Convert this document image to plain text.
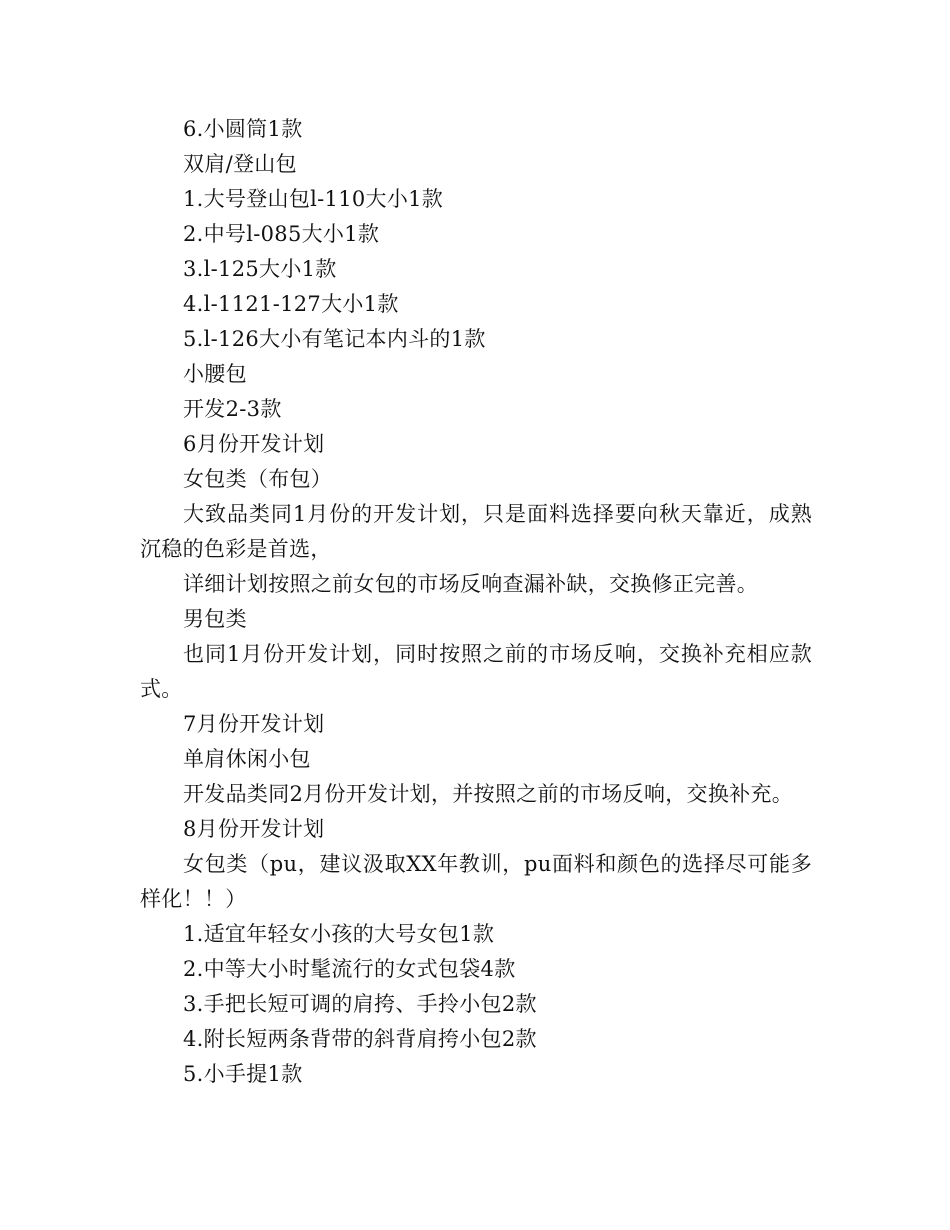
6.小圆筒1款

双肩/登山包

1.大号登山包l-110大小1款

2.中号l-085大小1款

3.l-125大小1款

4.l-1121-127大小1款

5.l-126大小有笔记本内斗的1款

小腰包

开发2-3款

6月份开发计划

女包类（布包）

大致品类同1月份的开发计划，只是面料选择要向秋天靠近，成熟沉稳的色彩是首选，

详细计划按照之前女包的市场反响查漏补缺，交换修正完善。

男包类

也同1月份开发计划，同时按照之前的市场反响，交换补充相应款式。

7月份开发计划

单肩休闲小包

开发品类同2月份开发计划，并按照之前的市场反响，交换补充。

8月份开发计划

女包类（pu，建议汲取XX年教训，pu面料和颜色的选择尽可能多样化！！）

1.适宜年轻女小孩的大号女包1款

2.中等大小时髦流行的女式包袋4款

3.手把长短可调的肩挎、手拎小包2款

4.附长短两条背带的斜背肩挎小包2款

5.小手提1款
